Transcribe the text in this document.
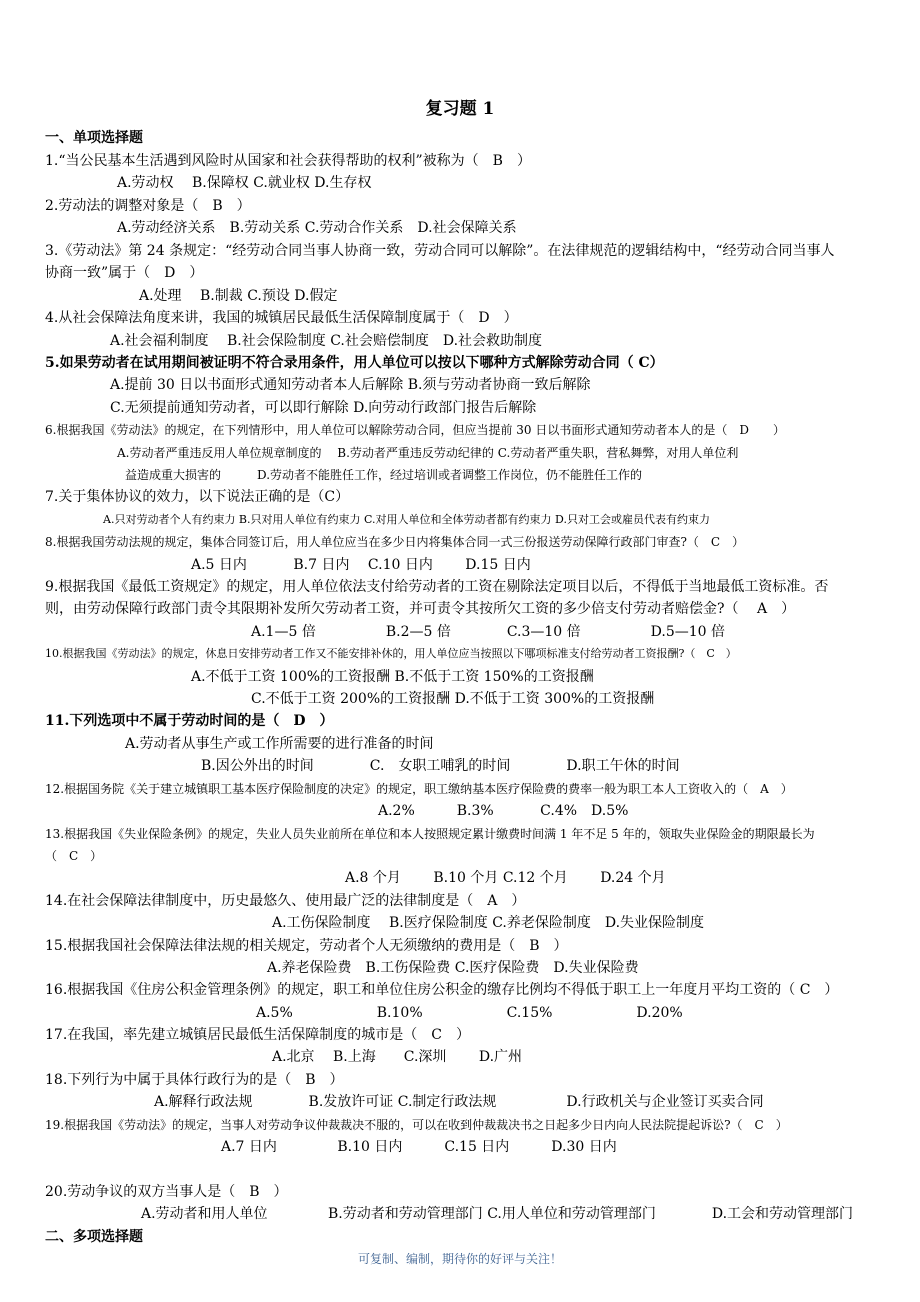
复习题 1
一、单项选择题
1.“当公民基本生活遇到风险时从国家和社会获得帮助的权利”被称为（　B　）
A.劳动权　 B.保障权 C.就业权 D.生存权
2.劳动法的调整对象是（　B　）
A.劳动经济关系　B.劳动关系 C.劳动合作关系　D.社会保障关系
3.《劳动法》第 24 条规定：“经劳动合同当事人协商一致，劳动合同可以解除”。在法律规范的逻辑结构中，“经劳动合同当事人
协商一致”属于（　D　）
A.处理　 B.制裁 C.预设 D.假定
4.从社会保障法角度来讲，我国的城镇居民最低生活保障制度属于（　D　）
A.社会福利制度　 B.社会保险制度 C.社会赔偿制度　D.社会救助制度
5.如果劳动者在试用期间被证明不符合录用条件，用人单位可以按以下哪种方式解除劳动合同（ C）
A.提前 30 日以书面形式通知劳动者本人后解除 B.须与劳动者协商一致后解除
C.无须提前通知劳动者，可以即行解除 D.向劳动行政部门报告后解除
6.根据我国《劳动法》的规定，在下列情形中，用人单位可以解除劳动合同，但应当提前 30 日以书面形式通知劳动者本人的是（　D　　）
A.劳动者严重违反用人单位规章制度的　 B.劳动者严重违反劳动纪律的 C.劳动者严重失职，营私舞弊，对用人单位利
益造成重大损害的　　　D.劳动者不能胜任工作，经过培训或者调整工作岗位，仍不能胜任工作的
7.关于集体协议的效力，以下说法正确的是（C）
A.只对劳动者个人有约束力 B.只对用人单位有约束力 C.对用人单位和全体劳动者都有约束力 D.只对工会或雇员代表有约束力
8.根据我国劳动法规的规定，集体合同签订后，用人单位应当在多少日内将集体合同一式三份报送劳动保障行政部门审查?（　C　）
A.5 日内　　　 B.7 日内　 C.10 日内　　 D.15 日内
9.根据我国《最低工资规定》的规定，用人单位依法支付给劳动者的工资在剔除法定项目以后，不得低于当地最低工资标准。否
则，由劳动保障行政部门责令其限期补发所欠劳动者工资，并可责令其按所欠工资的多少倍支付劳动者赔偿金?（　 A　）
A.1—5 倍　　　　　B.2—5 倍　　　　C.3—10 倍　　　　　D.5—10 倍
10.根据我国《劳动法》的规定，休息日安排劳动者工作又不能安排补休的，用人单位应当按照以下哪项标准支付给劳动者工资报酬?（　C　）
A.不低于工资 100%的工资报酬 B.不低于工资 150%的工资报酬
C.不低于工资 200%的工资报酬 D.不低于工资 300%的工资报酬
11.下列选项中不属于劳动时间的是（　D　）
A.劳动者从事生产或工作所需要的进行准备的时间
B.因公外出的时间　　　　C.　女职工哺乳的时间　　　　D.职工午休的时间
12.根据国务院《关于建立城镇职工基本医疗保险制度的决定》的规定，职工缴纳基本医疗保险费的费率一般为职工本人工资收入的（　A　）
A.2%　　　B.3%　　　 C.4%　D.5%
13.根据我国《失业保险条例》的规定，失业人员失业前所在单位和本人按照规定累计缴费时间满 1 年不足 5 年的，领取失业保险金的期限最长为
（　C　）
A.8 个月　　 B.10 个月 C.12 个月　　 D.24 个月
14.在社会保障法律制度中，历史最悠久、使用最广泛的法律制度是（　A　）
A.工伤保险制度　 B.医疗保险制度 C.养老保险制度　D.失业保险制度
15.根据我国社会保障法律法规的相关规定，劳动者个人无须缴纳的费用是（　B　）
A.养老保险费　B.工伤保险费 C.医疗保险费　D.失业保险费
16.根据我国《住房公积金管理条例》的规定，职工和单位住房公积金的缴存比例均不得低于职工上一年度月平均工资的（ C　）
A.5%　　　　　　B.10%　　　　　　C.15%　　　　　　D.20%
17.在我国，率先建立城镇居民最低生活保障制度的城市是（　C　）
A.北京　 B.上海　　C.深圳　　 D.广州
18.下列行为中属于具体行政行为的是（　B　）
A.解释行政法规　　　　B.发放许可证 C.制定行政法规　　　　　D.行政机关与企业签订买卖合同
19.根据我国《劳动法》的规定，当事人对劳动争议仲裁裁决不服的，可以在收到仲裁裁决书之日起多少日内向人民法院提起诉讼?（　C　）
A.7 日内　　　　 B.10 日内　　　C.15 日内　　　D.30 日内
20.劳动争议的双方当事人是（　B　）
A.劳动者和用人单位　　　　 B.劳动者和劳动管理部门 C.用人单位和劳动管理部门　　　　D.工会和劳动管理部门
二、多项选择题
可复制、编制，期待你的好评与关注！
